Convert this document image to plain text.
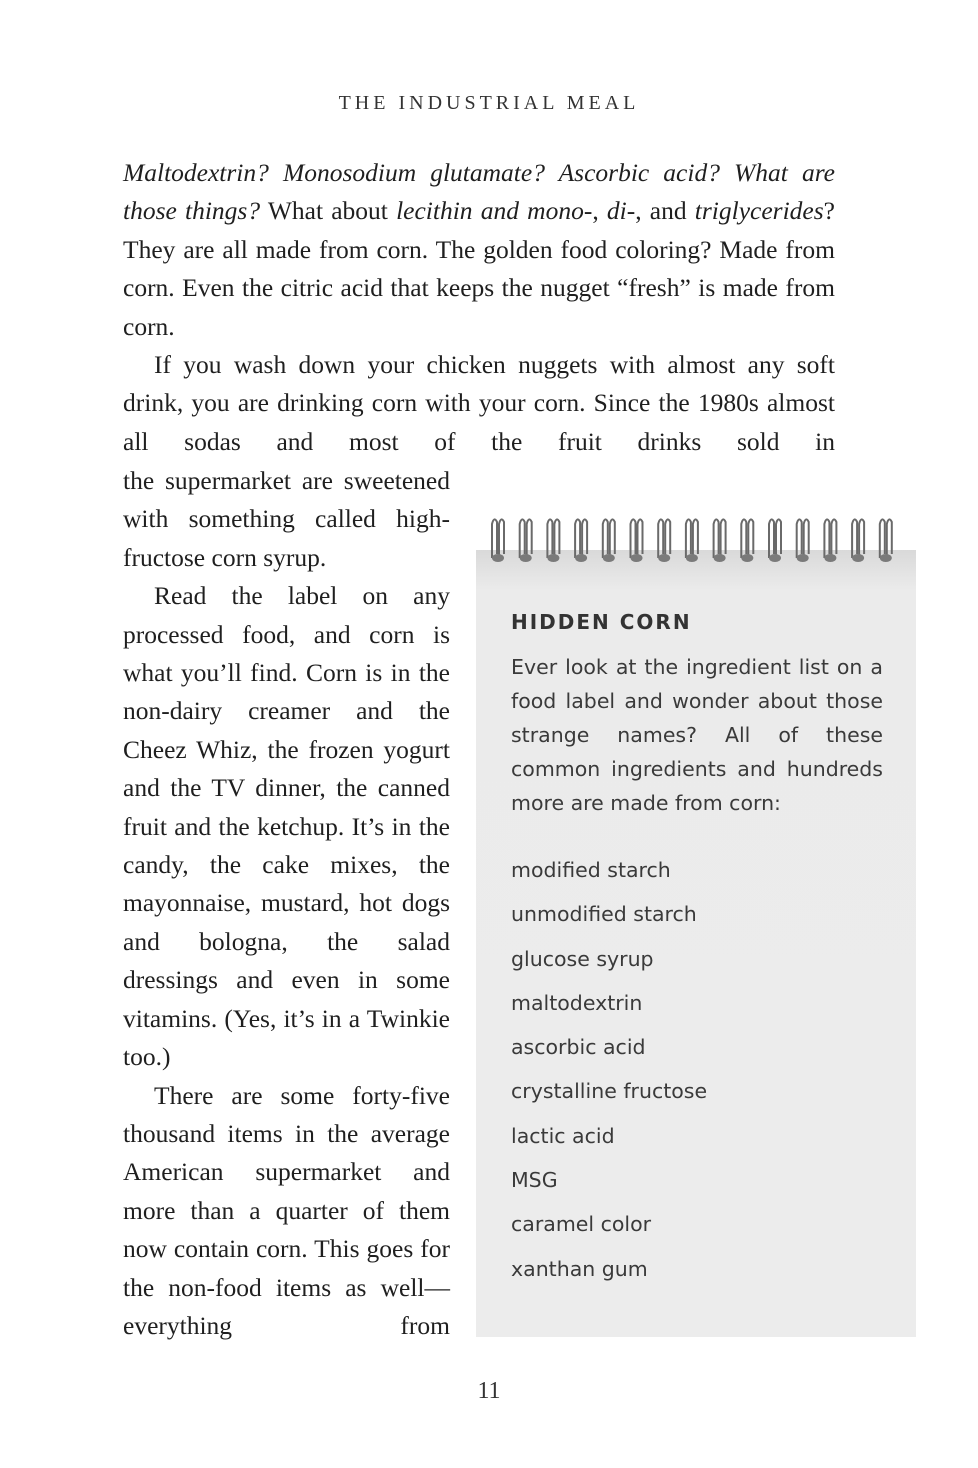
THE INDUSTRIAL MEAL

Maltodextrin? Monosodium glutamate? Ascorbic acid? What are those things? What about lecithin and mono-, di-, and triglycerides? They are all made from corn. The golden food coloring? Made from corn. Even the citric acid that keeps the nugget “fresh” is made from corn.

If you wash down your chicken nuggets with almost any soft drink, you are drinking corn with your corn. Since the 1980s almost all sodas and most of the fruit drinks sold in

the supermarket are sweetened with something called high-fructose corn syrup.

Read the label on any processed food, and corn is what you’ll find. Corn is in the non-dairy creamer and the Cheez Whiz, the frozen yogurt and the TV dinner, the canned fruit and the ketchup. It’s in the candy, the cake mixes, the mayonnaise, mustard, hot dogs and bologna, the salad dressings and even in some vitamins. (Yes, it’s in a Twinkie too.)

There are some forty-five thousand items in the average American supermarket and more than a quarter of them now contain corn. This goes for the non-food items as well—everything from

HIDDEN CORN
Ever look at the ingredient list on a food label and wonder about those strange names? All of these common ingredients and hundreds more are made from corn:
modified starch
unmodified starch
glucose syrup
maltodextrin
ascorbic acid
crystalline fructose
lactic acid
MSG
caramel color
xanthan gum
11
